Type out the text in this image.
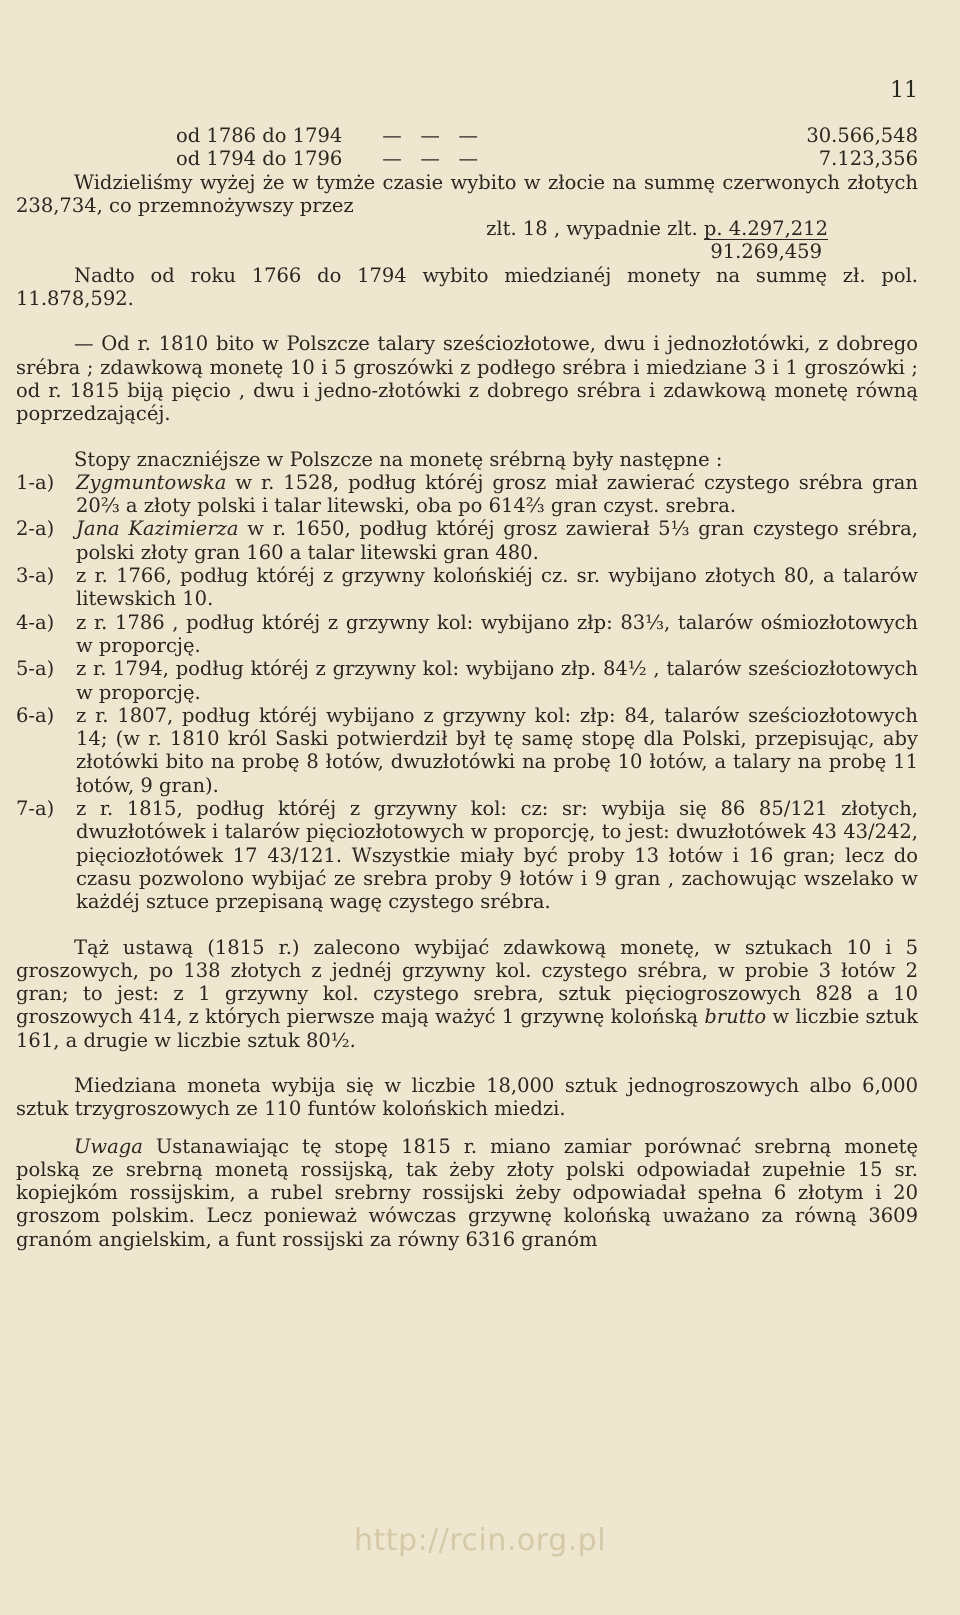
11
od 1786 do 1794	—   —   —	30.566,548
od 1794 do 1796	—   —   —	7.123,356

Widzieliśmy wyżej że w tymże czasie wybito w złocie na summę czerwonych złotych 238,734, co przemnożywszy przez

zlt. 18 , wypadnie zlt. p. 4.297,212
91.269,459

Nadto od roku 1766 do 1794 wybito miedzianéj monety na summę zł. pol. 11.878,592.

— Od r. 1810 bito w Polszcze talary sześciozłotowe, dwu i jednozłotówki, z dobrego srébra ; zdawkową monetę 10 i 5 groszówki z podłego srébra i miedziane 3 i 1 groszówki ; od r. 1815 biją pięcio , dwu i jedno-złotówki z dobrego srébra i zdawkową monetę równą poprzedzającéj.

Stopy znaczniéjsze w Polszcze na monetę srébrną były następne :

1-a)	Zygmuntowska w r. 1528, podług któréj grosz miał zawierać czystego srébra gran 20⅔ a złoty polski i talar litewski, oba po 614⅔ gran czyst. srebra.
2-a)	Jana Kazimierza w r. 1650, podług któréj grosz zawierał 5⅓ gran czystego srébra, polski złoty gran 160 a talar litewski gran 480.
3-a)	z r. 1766, podług któréj z grzywny kolońskiéj cz. sr. wybijano złotych 80, a talarów litewskich 10.
4-a)	z r. 1786 , podług któréj z grzywny kol: wybijano złp: 83⅓, talarów ośmiozłotowych w proporcję.
5-a)	z r. 1794, podług któréj z grzywny kol: wybijano złp. 84½ , talarów sześciozłotowych w proporcję.
6-a)	z r. 1807, podług któréj wybijano z grzywny kol: złp: 84, talarów sześciozłotowych 14; (w r. 1810 król Saski potwierdził był tę samę stopę dla Polski, przepisując, aby złotówki bito na probę 8 łotów, dwuzłotówki na probę 10 łotów, a talary na probę 11 łotów, 9 gran).
7-a)	z r. 1815, podług któréj z grzywny kol: cz: sr: wybija się 86 85/121 złotych, dwuzłotówek i talarów pięciozłotowych w proporcję, to jest: dwuzłotówek 43 43/242, pięciozłotówek 17 43/121. Wszystkie miały być proby 13 łotów i 16 gran; lecz do czasu pozwolono wybijać ze srebra proby 9 łotów i 9 gran , zachowując wszelako w każdéj sztuce przepisaną wagę czystego srébra.

Tąż ustawą (1815 r.) zalecono wybijać zdawkową monetę, w sztukach 10 i 5 groszowych, po 138 złotych z jednéj grzywny kol. czystego srébra, w probie 3 łotów 2 gran; to jest: z 1 grzywny kol. czystego srebra, sztuk pięciogroszowych 828 a 10 groszowych 414, z których pierwsze mają ważyć 1 grzywnę kolońską brutto w liczbie sztuk 161, a drugie w liczbie sztuk 80½.

Miedziana moneta wybija się w liczbie 18,000 sztuk jednogroszowych albo 6,000 sztuk trzygroszowych ze 110 funtów kolońskich miedzi.

Uwaga Ustanawiając tę stopę 1815 r. miano zamiar porównać srebrną monetę polską ze srebrną monetą rossijską, tak żeby złoty polski odpowiadał zupełnie 15 sr. kopiejkóm rossijskim, a rubel srebrny rossijski żeby odpowiadał spełna 6 złotym i 20 groszom polskim. Lecz ponieważ wówczas grzywnę kolońską uważano za równą 3609 granóm angielskim, a funt rossijski za równy 6316 granóm

http://rcin.org.pl
